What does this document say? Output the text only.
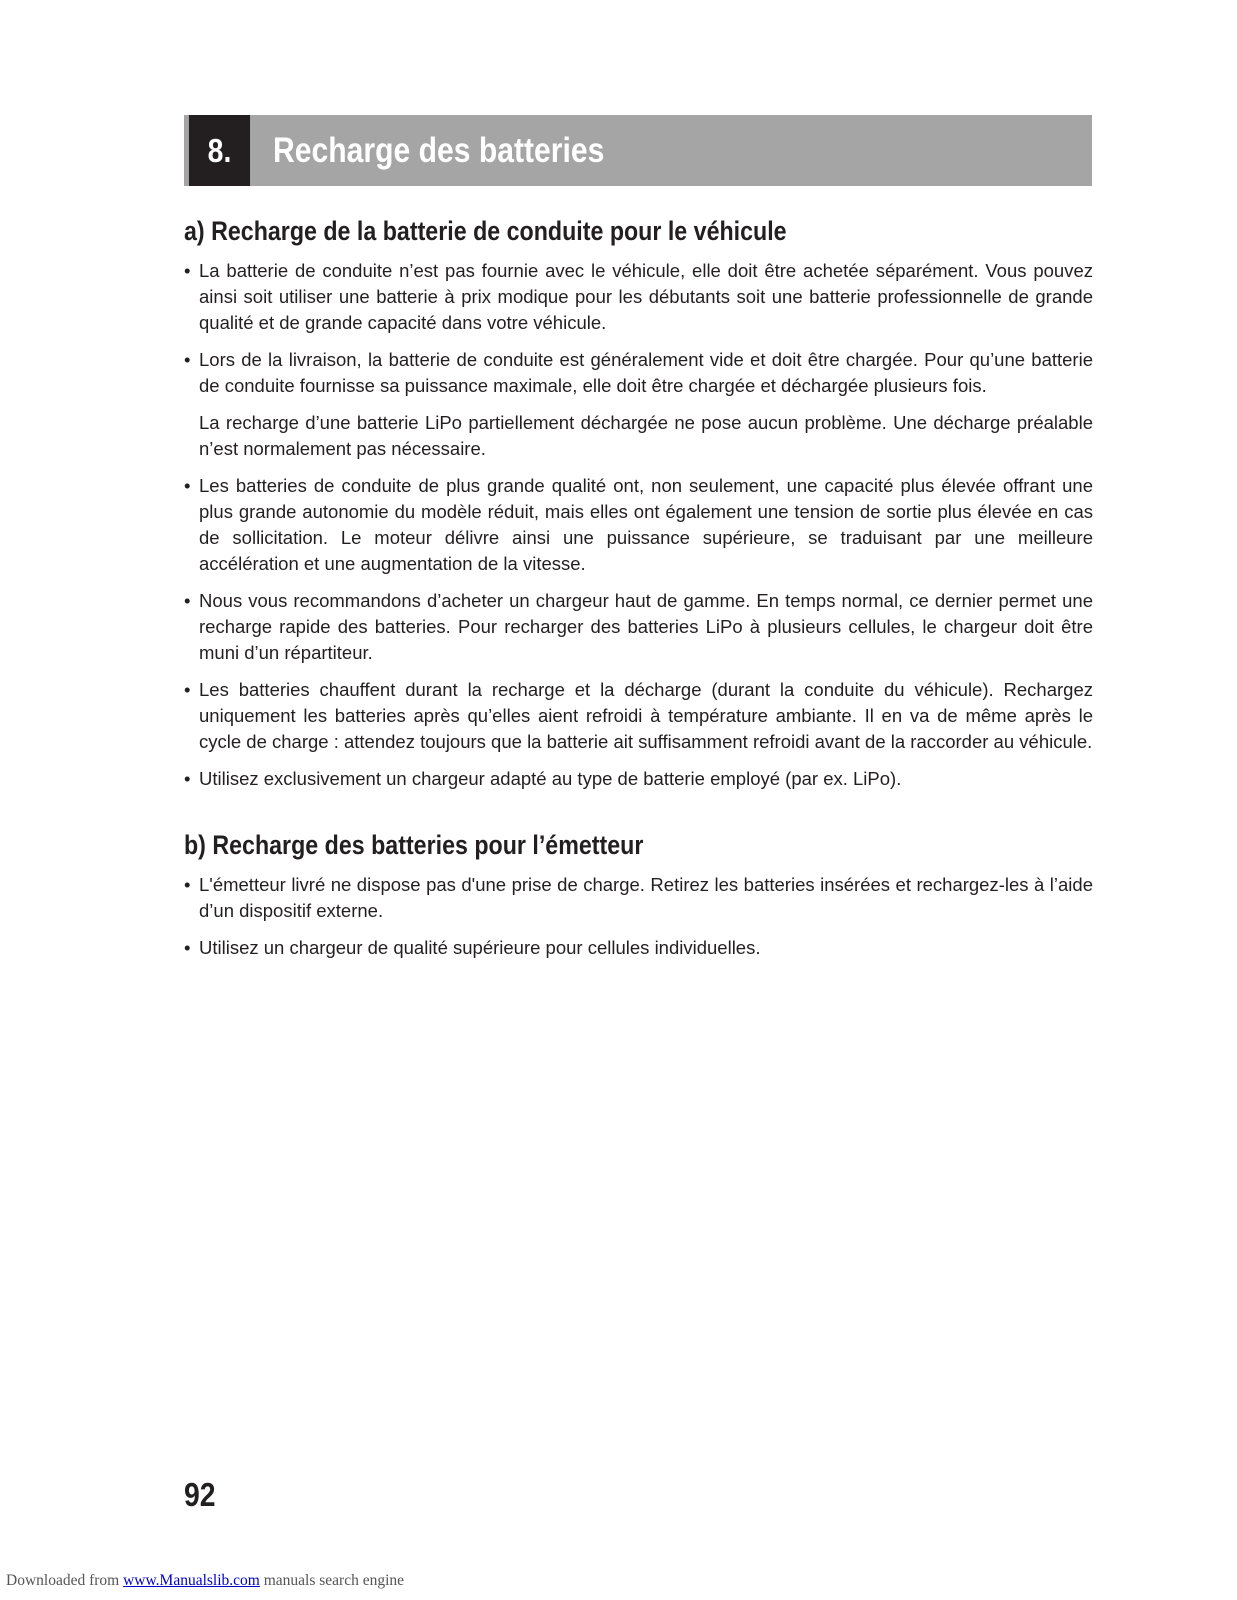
8.	Recharge des batteries
a) Recharge de la batterie de conduite pour le véhicule
• La batterie de conduite n’est pas fournie avec le véhicule, elle doit être achetée séparément. Vous pouvez ainsi soit utiliser une batterie à prix modique pour les débutants soit une batterie professionnelle de grande qualité et de grande capacité dans votre véhicule.

• Lors de la livraison, la batterie de conduite est généralement vide et doit être chargée. Pour qu’une batterie de conduite fournisse sa puissance maximale, elle doit être chargée et déchargée plusieurs fois.

La recharge d’une batterie LiPo partiellement déchargée ne pose aucun problème. Une décharge préalable n’est normalement pas nécessaire.

• Les batteries de conduite de plus grande qualité ont, non seulement, une capacité plus élevée offrant une plus grande autonomie du modèle réduit, mais elles ont également une tension de sortie plus élevée en cas de sollicitation. Le moteur délivre ainsi une puissance supérieure, se traduisant par une meilleure accélération et une augmentation de la vitesse.

• Nous vous recommandons d’acheter un chargeur haut de gamme. En temps normal, ce dernier permet une recharge rapide des batteries. Pour recharger des batteries LiPo à plusieurs cellules, le chargeur doit être muni d’un répartiteur.

• Les batteries chauffent durant la recharge et la décharge (durant la conduite du véhicule). Rechargez uniquement les batteries après qu’elles aient refroidi à température ambiante. Il en va de même après le cycle de charge : attendez toujours que la batterie ait suffisamment refroidi avant de la raccorder au véhicule.

• Utilisez exclusivement un chargeur adapté au type de batterie employé (par ex. LiPo).

b) Recharge des batteries pour l’émetteur
• L'émetteur livré ne dispose pas d'une prise de charge. Retirez les batteries insérées et rechargez-les à l’aide d’un dispositif externe.

• Utilisez un chargeur de qualité supérieure pour cellules individuelles.

92
Downloaded from www.Manualslib.com manuals search engine
